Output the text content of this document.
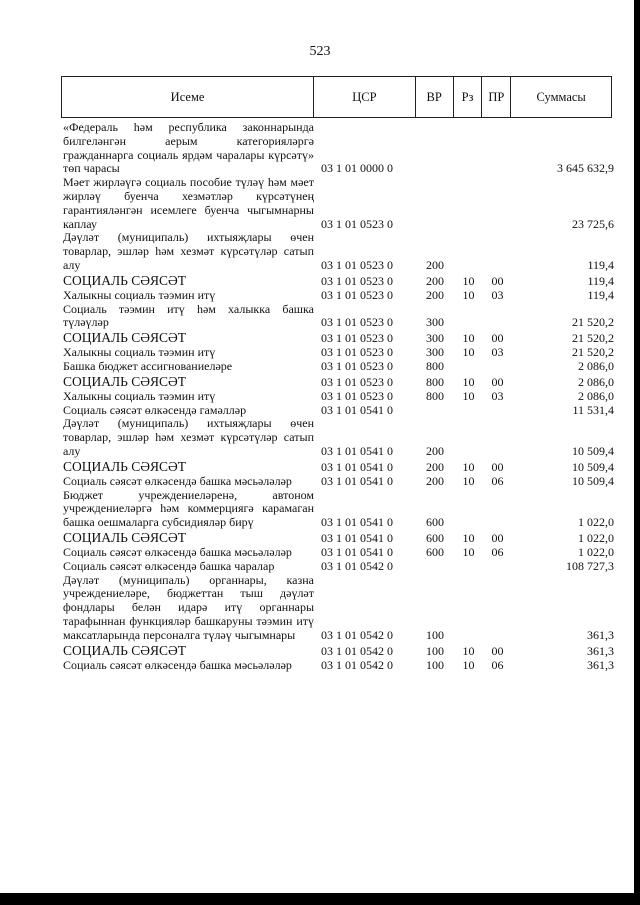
523
Исеме	ЦСР	ВР	Рз	ПР	Суммасы
«Федераль һәм республика законнарында билгеләнгән аерым категорияләргә гражданнарга социаль ярдәм чаралары күрсәтү» төп чарасы	03 1 01 0000 0	3 645 632,9
Мәет жирләүгә социаль пособие түләү һәм мәет жирләү буенча хезмәтләр күрсәтүнең гарантияләнгән исемлеге буенча чыгымнарны каплау	03 1 01 0523 0	23 725,6
Дәүләт (муниципаль) ихтыяҗлары өчен товарлар, эшләр һәм хезмәт күрсәтүләр сатып алу	03 1 01 0523 0	200	119,4
СОЦИАЛЬ СӘЯСӘТ	03 1 01 0523 0	200	10	00	119,4
Халыкны социаль тәэмин итү	03 1 01 0523 0	200	10	03	119,4
Социаль тәэмин итү һәм халыкка башка түләүләр	03 1 01 0523 0	300	21 520,2
СОЦИАЛЬ СӘЯСӘТ	03 1 01 0523 0	300	10	00	21 520,2
Халыкны социаль тәэмин итү	03 1 01 0523 0	300	10	03	21 520,2
Башка бюджет ассигнованиеләре	03 1 01 0523 0	800	2 086,0
СОЦИАЛЬ СӘЯСӘТ	03 1 01 0523 0	800	10	00	2 086,0
Халыкны социаль тәэмин итү	03 1 01 0523 0	800	10	03	2 086,0
Социаль сәясәт өлкәсендә гамәлләр	03 1 01 0541 0	11 531,4
Дәүләт (муниципаль) ихтыяҗлары өчен товарлар, эшләр һәм хезмәт күрсәтүләр сатып алу	03 1 01 0541 0	200	10 509,4
СОЦИАЛЬ СӘЯСӘТ	03 1 01 0541 0	200	10	00	10 509,4
Социаль сәясәт өлкәсендә башка мәсьәләләр	03 1 01 0541 0	200	10	06	10 509,4
Бюджет учреждениеләренә, автоном учреждениеләргә һәм коммерциягә карамаган башка оешмаларга субсидияләр бирү	03 1 01 0541 0	600	1 022,0
СОЦИАЛЬ СӘЯСӘТ	03 1 01 0541 0	600	10	00	1 022,0
Социаль сәясәт өлкәсендә башка мәсьәләләр	03 1 01 0541 0	600	10	06	1 022,0
Социаль сәясәт өлкәсендә башка чаралар	03 1 01 0542 0	108 727,3
Дәүләт (муниципаль) органнары, казна учреждениеләре, бюджеттан тыш дәүләт фондлары белән идарә итү органнары тарафыннан функцияләр башкаруны тәэмин итү максатларында персоналга түләү чыгымнары	03 1 01 0542 0	100	361,3
СОЦИАЛЬ СӘЯСӘТ	03 1 01 0542 0	100	10	00	361,3
Социаль сәясәт өлкәсендә башка мәсьәләләр	03 1 01 0542 0	100	10	06	361,3
